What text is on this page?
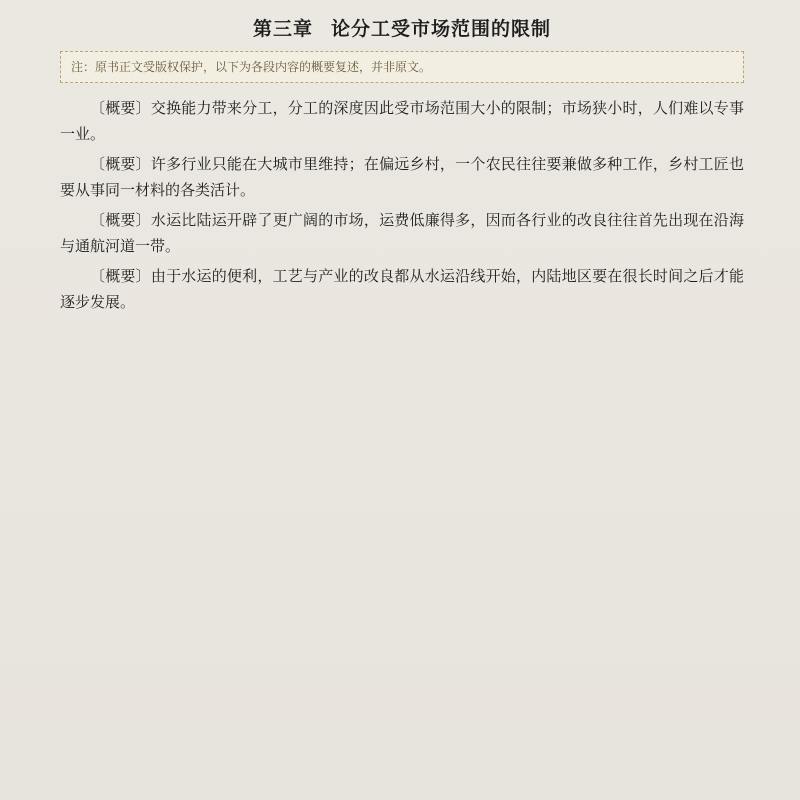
第三章 论分工受市场范围的限制
注：原书正文受版权保护，以下为各段内容的概要复述，并非原文。

〔概要〕交换能力带来分工，分工的深度因此受市场范围大小的限制；市场狭小时，人们难以专事一业。

〔概要〕许多行业只能在大城市里维持；在偏远乡村，一个农民往往要兼做多种工作，乡村工匠也要从事同一材料的各类活计。

〔概要〕水运比陆运开辟了更广阔的市场，运费低廉得多，因而各行业的改良往往首先出现在沿海与通航河道一带。

〔概要〕由于水运的便利，工艺与产业的改良都从水运沿线开始，内陆地区要在很长时间之后才能逐步发展。
